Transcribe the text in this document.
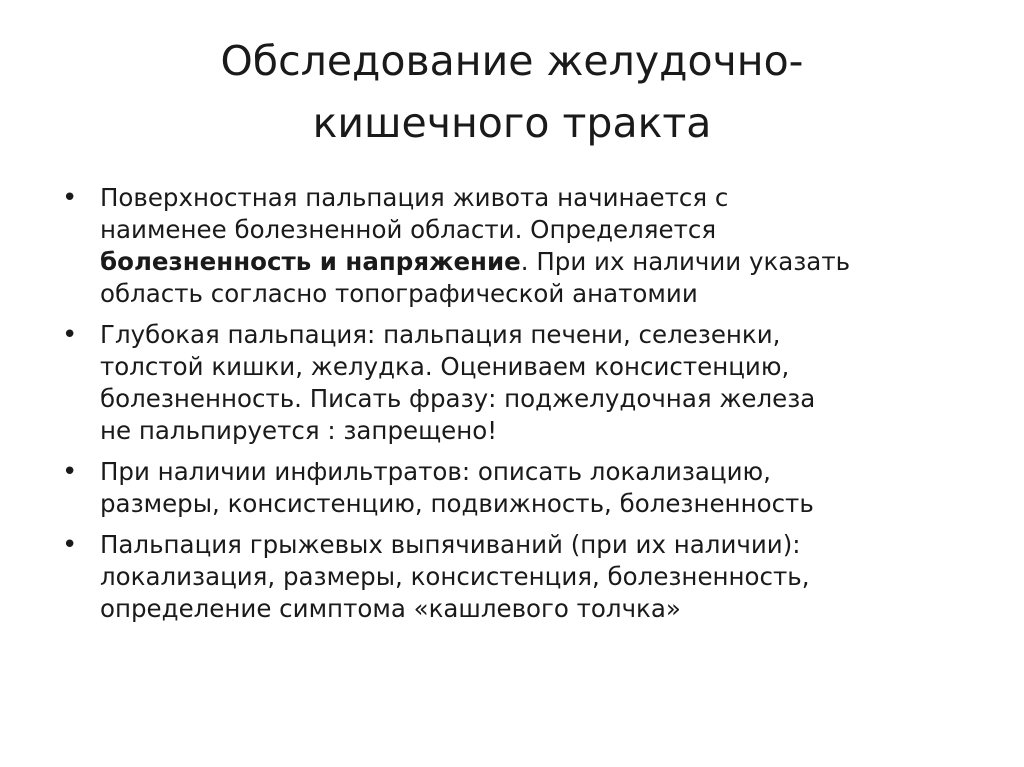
Обследование желудочно-
кишечного тракта
• Поверхностная пальпация живота начинается с
наименее болезненной области. Определяется
болезненность и напряжение. При их наличии указать
область согласно топографической анатомии
• Глубокая пальпация: пальпация печени, селезенки,
толстой кишки, желудка. Оцениваем консистенцию,
болезненность. Писать фразу: поджелудочная железа
не пальпируется : запрещено!
• При наличии инфильтратов: описать локализацию,
размеры, консистенцию, подвижность, болезненность
• Пальпация грыжевых выпячиваний (при их наличии):
локализация, размеры, консистенция, болезненность,
определение симптома «кашлевого толчка»
